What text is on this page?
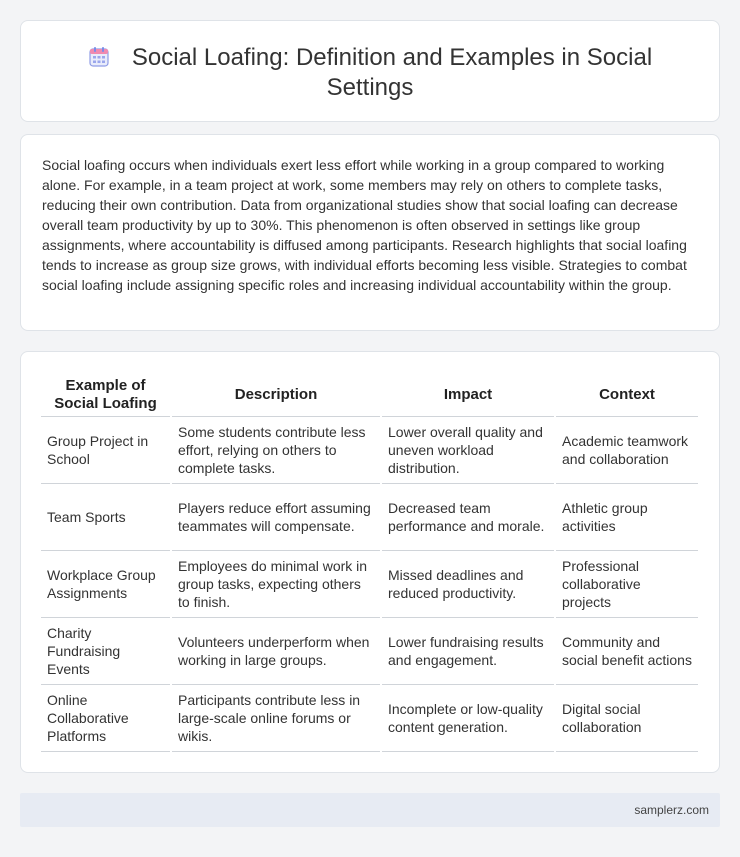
Social Loafing: Definition and Examples in Social Settings

Social loafing occurs when individuals exert less effort while working in a group compared to working alone. For example, in a team project at work, some members may rely on others to complete tasks, reducing their own contribution. Data from organizational studies show that social loafing can decrease overall team productivity by up to 30%. This phenomenon is often observed in settings like group assignments, where accountability is diffused among participants. Research highlights that social loafing tends to increase as group size grows, with individual efforts becoming less visible. Strategies to combat social loafing include assigning specific roles and increasing individual accountability within the group.

Example of Social Loafing	Description	Impact	Context
Group Project in School	Some students contribute less effort, relying on others to complete tasks.	Lower overall quality and uneven workload distribution.	Academic teamwork and collaboration
Team Sports	Players reduce effort assuming teammates will compensate.	Decreased team performance and morale.	Athletic group activities
Workplace Group Assignments	Employees do minimal work in group tasks, expecting others to finish.	Missed deadlines and reduced productivity.	Professional collaborative projects
Charity Fundraising Events	Volunteers underperform when working in large groups.	Lower fundraising results and engagement.	Community and social benefit actions
Online Collaborative Platforms	Participants contribute less in large-scale online forums or wikis.	Incomplete or low-quality content generation.	Digital social collaboration
samplerz.com
